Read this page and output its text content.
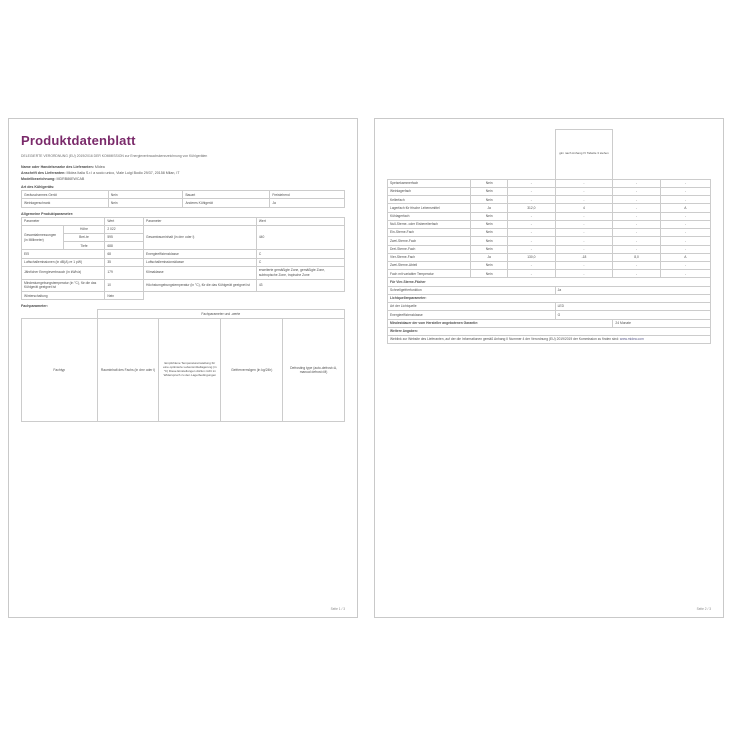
Produktdatenblatt
DELEGIERTE VERORDNUNG (EU) 2019/2016 DER KOMMISSION zur Energieverbrauchskennzeichnung von Kühlgeräten
Name oder Handelsmarke des Lieferanten: Midea
Anschrift des Lieferanten: Midea Italia S.r.l a socio unico, Viale Luigi Bodio 29/37, 20158 Milan, IT
Modellbezeichnung: MDRB86EWCAB
Art des Kühlgeräts:
Geräuscharmes Gerät	Nein	Bauart	Freistehend
Weinlagerschrank	Nein	Anderes Kühlgerät	Ja
Allgemeine Produktparameter:
Parameter		Wert	Parameter	Wert
Gesamtabmessungen (in Millimeter)	Höhe	2 022	Gesamtrauminhalt (in dm³ oder l)	440
	Brei-te	595		
	Tiefe	688		
EEI		68	Energieeffizienzklasse	C
Luftschallemissionen (in dB(A) re 1 pW)		35	Luftschallemissionsklasse	C
Jährlicher Energieverbrauch (in kWh/a)		179	Klimaklasse	erweiterte gemäßigte Zone, gemäßigte Zone, subtropische Zone, tropische Zone
Mindestumgebungstemperatur (in °C), für die das Kühlgerät geeignet ist		10	Höchstumgebungstemperatur (in °C), für die das Kühlgerät geeignet ist	43
Winterschaltung		Nein		
Fachparameter:
	Fachparameter und -werte			
Fachtyp	Rauminhalt des Fachs (in dm³ oder l)	Empfohlene Temperatureinstellung für eine optimierte Lebensmittellagerung (in °C) Diese Einstellungen dürfen nicht im Widerspruch zu den Lagerbedingungen	Gefriervermögen (in kg/24h)	Defrosting type (auto-defrost=A, manual defrost=M)
Seite 1 / 3
			gim nach Anhang IV Tabelle 3 stehen		
Speisekammerfach	Nein	-	-	-	-
Weinlagerfach	Nein	-	-	-	-
Kellerfach	Nein	-	-	-	-
Lagerfach für frische Lebensmittel	Ja	312,0	4	-	A
Kühlagerfach	Nein	-	-	-	-
Null-Sterne- oder Eisbereiterfach	Nein	-	-	-	-
Ein-Sterne-Fach	Nein	-	-	-	-
Zwei-Sterne-Fach	Nein	-	-	-	-
Drei-Sterne-Fach	Nein	-	-	-	-
Vier-Sterne-Fach	Ja	130,0	-18	8,0	A
Zwei-Sterne-Abteil	Nein	-	-	-	-
Fach mit variabler Temperatur	Nein	-	-	-	-
Für Vier-Sterne-Fächer					
Schnellgefrierfunktion			Ja		
Lichtquellenparameter:					
Art der Lichtquelle			LED		
Energieeffizienzklasse			G		
Mindestdauer der vom Hersteller angebotenen Garantie:				24 Monate	
Weitere Angaben:					
Weblink zur Website des Lieferanten, auf der die Informationen gemäß Anhang II Nummer 4 der Verordnung (EU) 2019/2019 der Kommission zu finden sind: www.midea.com					
Seite 2 / 3
